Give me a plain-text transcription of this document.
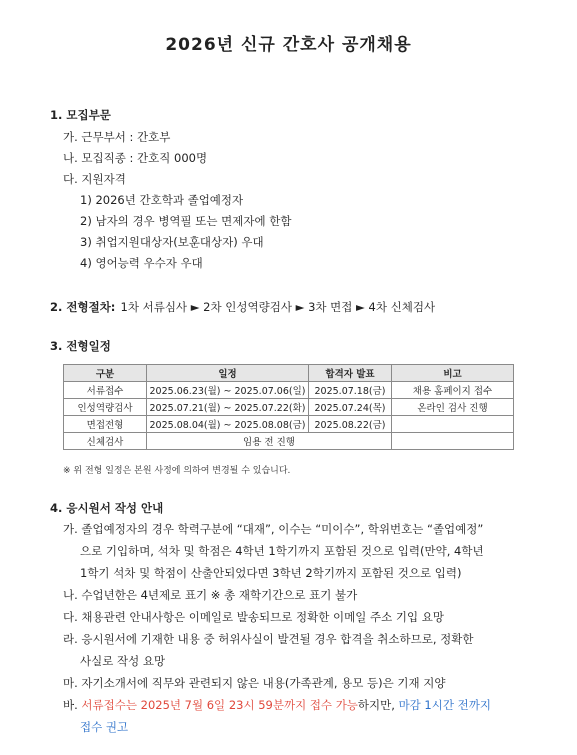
2026년 신규 간호사 공개채용
1. 모집부문
가. 근무부서 : 간호부
나. 모집직종 : 간호직 000명
다. 지원자격
1) 2026년 간호학과 졸업예정자
2) 남자의 경우 병역필 또는 면제자에 한함
3) 취업지원대상자(보훈대상자) 우대
4) 영어능력 우수자 우대
2. 전형절차: 1차 서류심사 ► 2차 인성역량검사 ► 3차 면접 ► 4차 신체검사
3. 전형일정
구분	일정	합격자 발표	비고
서류접수	2025.06.23(월) ~ 2025.07.06(일)	2025.07.18(금)	채용 홈페이지 접수
인성역량검사	2025.07.21(월) ~ 2025.07.22(화)	2025.07.24(목)	온라인 검사 진행
면접전형	2025.08.04(월) ~ 2025.08.08(금)	2025.08.22(금)	
신체검사	임용 전 진행		
※ 위 전형 일정은 본원 사정에 의하여 변경될 수 있습니다.
4. 응시원서 작성 안내
가. 졸업예정자의 경우 학력구분에 “대재”, 이수는 “미이수”, 학위번호는 “졸업예정”
으로 기입하며, 석차 및 학점은 4학년 1학기까지 포함된 것으로 입력(만약, 4학년
1학기 석차 및 학점이 산출안되었다면 3학년 2학기까지 포함된 것으로 입력)
나. 수업년한은 4년제로 표기 ※ 총 재학기간으로 표기 불가
다. 채용관련 안내사항은 이메일로 발송되므로 정확한 이메일 주소 기입 요망
라. 응시원서에 기재한 내용 중 허위사실이 발견될 경우 합격을 취소하므로, 정확한
사실로 작성 요망
마. 자기소개서에 직무와 관련되지 않은 내용(가족관계, 용모 등)은 기재 지양
바. 서류접수는 2025년 7월 6일 23시 59분까지 접수 가능하지만, 마감 1시간 전까지
접수 권고
